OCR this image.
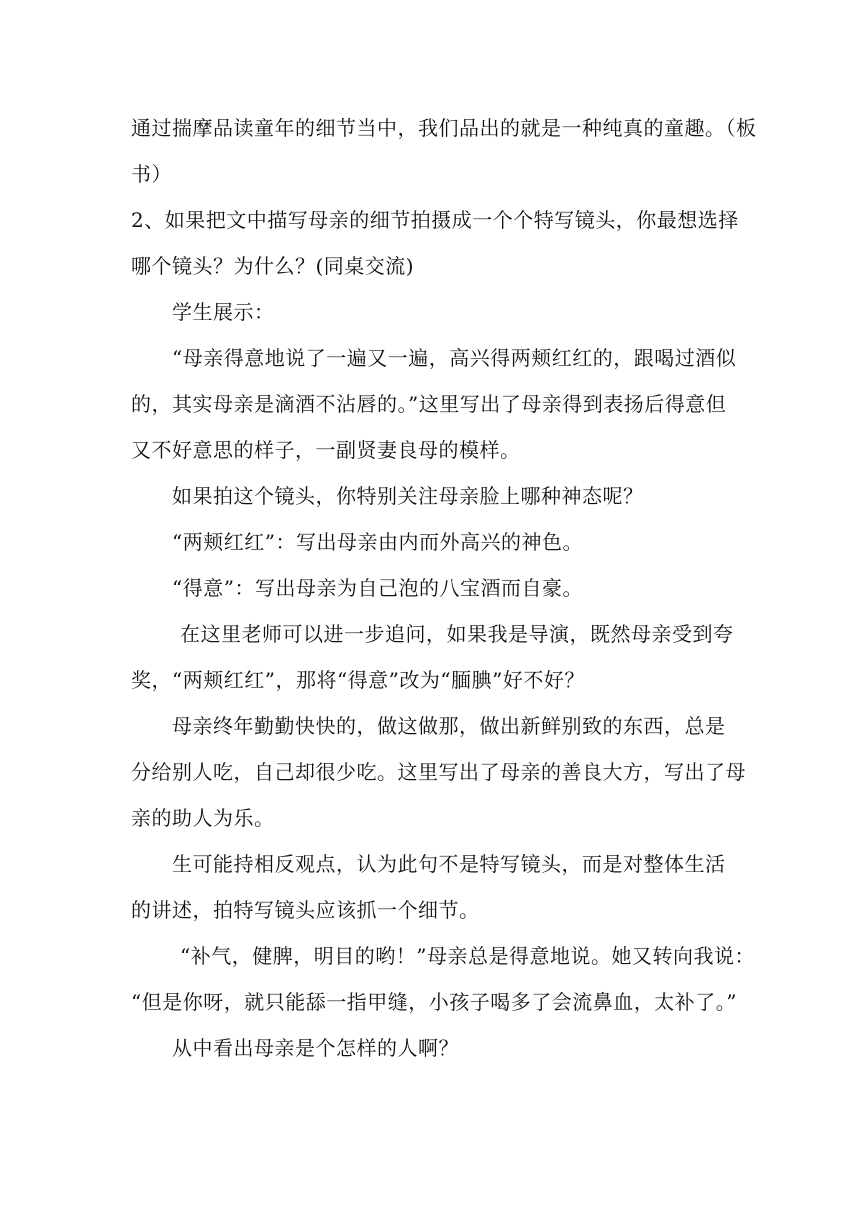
通过揣摩品读童年的细节当中，我们品出的就是一种纯真的童趣。（板
书）
2、如果把文中描写母亲的细节拍摄成一个个特写镜头，你最想选择
哪个镜头？为什么？(同桌交流)
学生展示：
“母亲得意地说了一遍又一遍，高兴得两颊红红的，跟喝过酒似
的，其实母亲是滴酒不沾唇的。”这里写出了母亲得到表扬后得意但
又不好意思的样子，一副贤妻良母的模样。
如果拍这个镜头，你特别关注母亲脸上哪种神态呢？
“两颊红红”：写出母亲由内而外高兴的神色。
“得意”：写出母亲为自己泡的八宝酒而自豪。
在这里老师可以进一步追问，如果我是导演，既然母亲受到夸
奖，“两颊红红”，那将“得意”改为“腼腆”好不好？
母亲终年勤勤快快的，做这做那，做出新鲜别致的东西，总是
分给别人吃，自己却很少吃。这里写出了母亲的善良大方，写出了母
亲的助人为乐。
生可能持相反观点，认为此句不是特写镜头，而是对整体生活
的讲述，拍特写镜头应该抓一个细节。
“补气，健脾，明目的哟！”母亲总是得意地说。她又转向我说：
“但是你呀，就只能舔一指甲缝，小孩子喝多了会流鼻血，太补了。”
从中看出母亲是个怎样的人啊？
